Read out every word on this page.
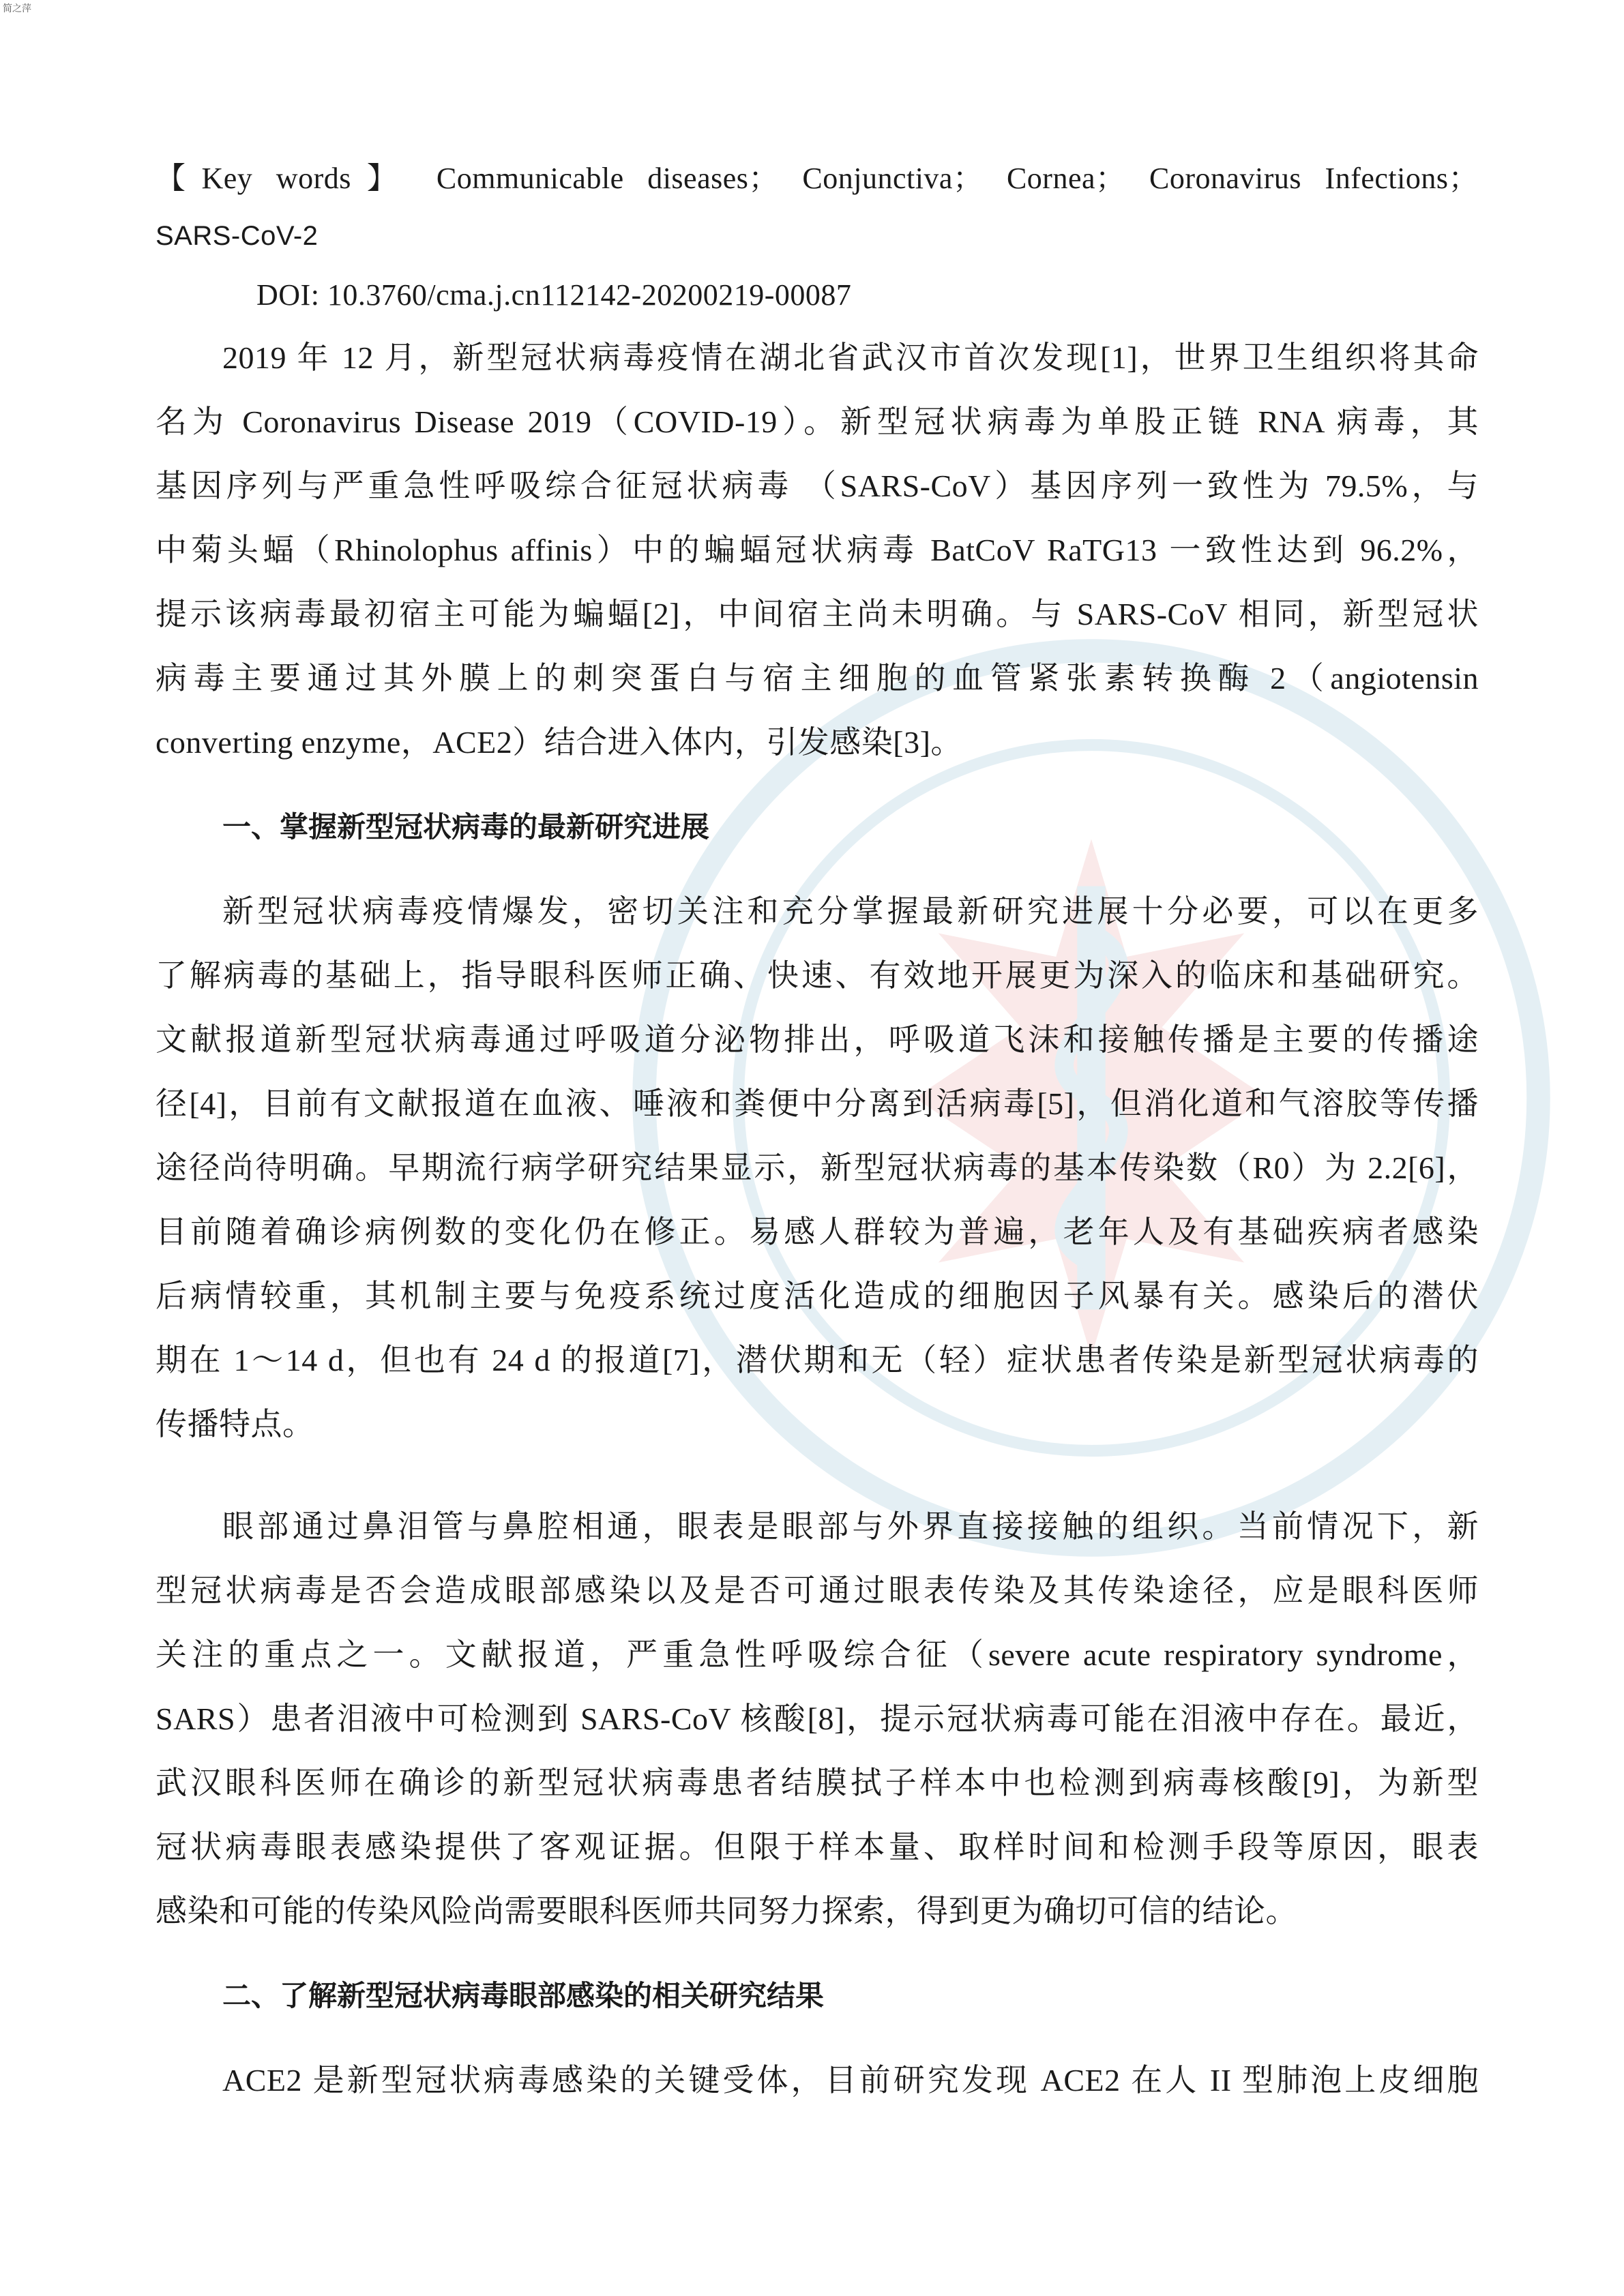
简之萍
【Key words】 Communicable diseases； Conjunctiva； Cornea； Coronavirus Infections；
SARS-CoV-2
DOI: 10.3760/cma.j.cn112142-20200219-00087
2019 年 12 月，新型冠状病毒疫情在湖北省武汉市首次发现[1]，世界卫生组织将其命
名为 Coronavirus Disease 2019（COVID-19）。新型冠状病毒为单股正链 RNA 病毒，其
基因序列与严重急性呼吸综合征冠状病毒 （SARS-CoV）基因序列一致性为 79.5%，与
中菊头蝠（Rhinolophus affinis）中的蝙蝠冠状病毒 BatCoV RaTG13 一致性达到 96.2%，
提示该病毒最初宿主可能为蝙蝠[2]，中间宿主尚未明确。与 SARS-CoV 相同，新型冠状
病毒主要通过其外膜上的刺突蛋白与宿主细胞的血管紧张素转换酶 2（angiotensin
converting enzyme，ACE2）结合进入体内，引发感染[3]。
一、掌握新型冠状病毒的最新研究进展
新型冠状病毒疫情爆发，密切关注和充分掌握最新研究进展十分必要，可以在更多
了解病毒的基础上，指导眼科医师正确、快速、有效地开展更为深入的临床和基础研究。
文献报道新型冠状病毒通过呼吸道分泌物排出，呼吸道飞沫和接触传播是主要的传播途
径[4]，目前有文献报道在血液、唾液和粪便中分离到活病毒[5]，但消化道和气溶胶等传播
途径尚待明确。早期流行病学研究结果显示，新型冠状病毒的基本传染数（R0）为 2.2[6]，
目前随着确诊病例数的变化仍在修正。易感人群较为普遍，老年人及有基础疾病者感染
后病情较重，其机制主要与免疫系统过度活化造成的细胞因子风暴有关。感染后的潜伏
期在 1～14 d，但也有 24 d 的报道[7]，潜伏期和无（轻）症状患者传染是新型冠状病毒的
传播特点。
眼部通过鼻泪管与鼻腔相通，眼表是眼部与外界直接接触的组织。当前情况下，新
型冠状病毒是否会造成眼部感染以及是否可通过眼表传染及其传染途径，应是眼科医师
关注的重点之一。文献报道，严重急性呼吸综合征（severe acute respiratory syndrome，
SARS）患者泪液中可检测到 SARS-CoV 核酸[8]，提示冠状病毒可能在泪液中存在。最近，
武汉眼科医师在确诊的新型冠状病毒患者结膜拭子样本中也检测到病毒核酸[9]，为新型
冠状病毒眼表感染提供了客观证据。但限于样本量、取样时间和检测手段等原因，眼表
感染和可能的传染风险尚需要眼科医师共同努力探索，得到更为确切可信的结论。
二、了解新型冠状病毒眼部感染的相关研究结果
ACE2 是新型冠状病毒感染的关键受体，目前研究发现 ACE2 在人 II 型肺泡上皮细胞
